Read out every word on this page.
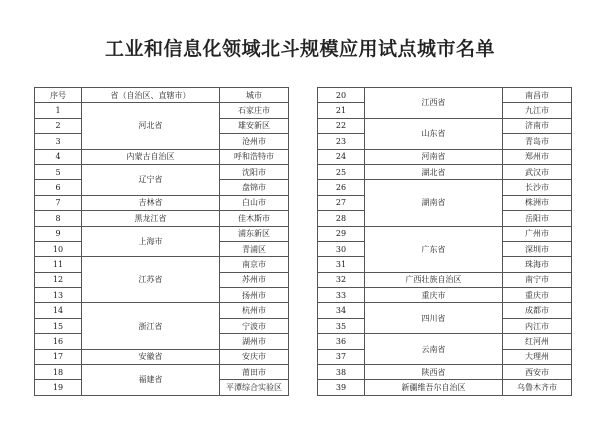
工业和信息化领域北斗规模应用试点城市名单
序号	省（自治区、直辖市）	城市
1	河北省	石家庄市
2		雄安新区
3		沧州市
4	内蒙古自治区	呼和浩特市
5	辽宁省	沈阳市
6		盘锦市
7	吉林省	白山市
8	黑龙江省	佳木斯市
9	上海市	浦东新区
10		青浦区
11	江苏省	南京市
12		苏州市
13		扬州市
14	浙江省	杭州市
15		宁波市
16		湖州市
17	安徽省	安庆市
18	福建省	莆田市
19		平潭综合实验区
20	江西省	南昌市
21		九江市
22	山东省	济南市
23		青岛市
24	河南省	郑州市
25	湖北省	武汉市
26	湖南省	长沙市
27		株洲市
28		岳阳市
29	广东省	广州市
30		深圳市
31		珠海市
32	广西壮族自治区	南宁市
33	重庆市	重庆市
34	四川省	成都市
35		内江市
36	云南省	红河州
37		大理州
38	陕西省	西安市
39	新疆维吾尔自治区	乌鲁木齐市
